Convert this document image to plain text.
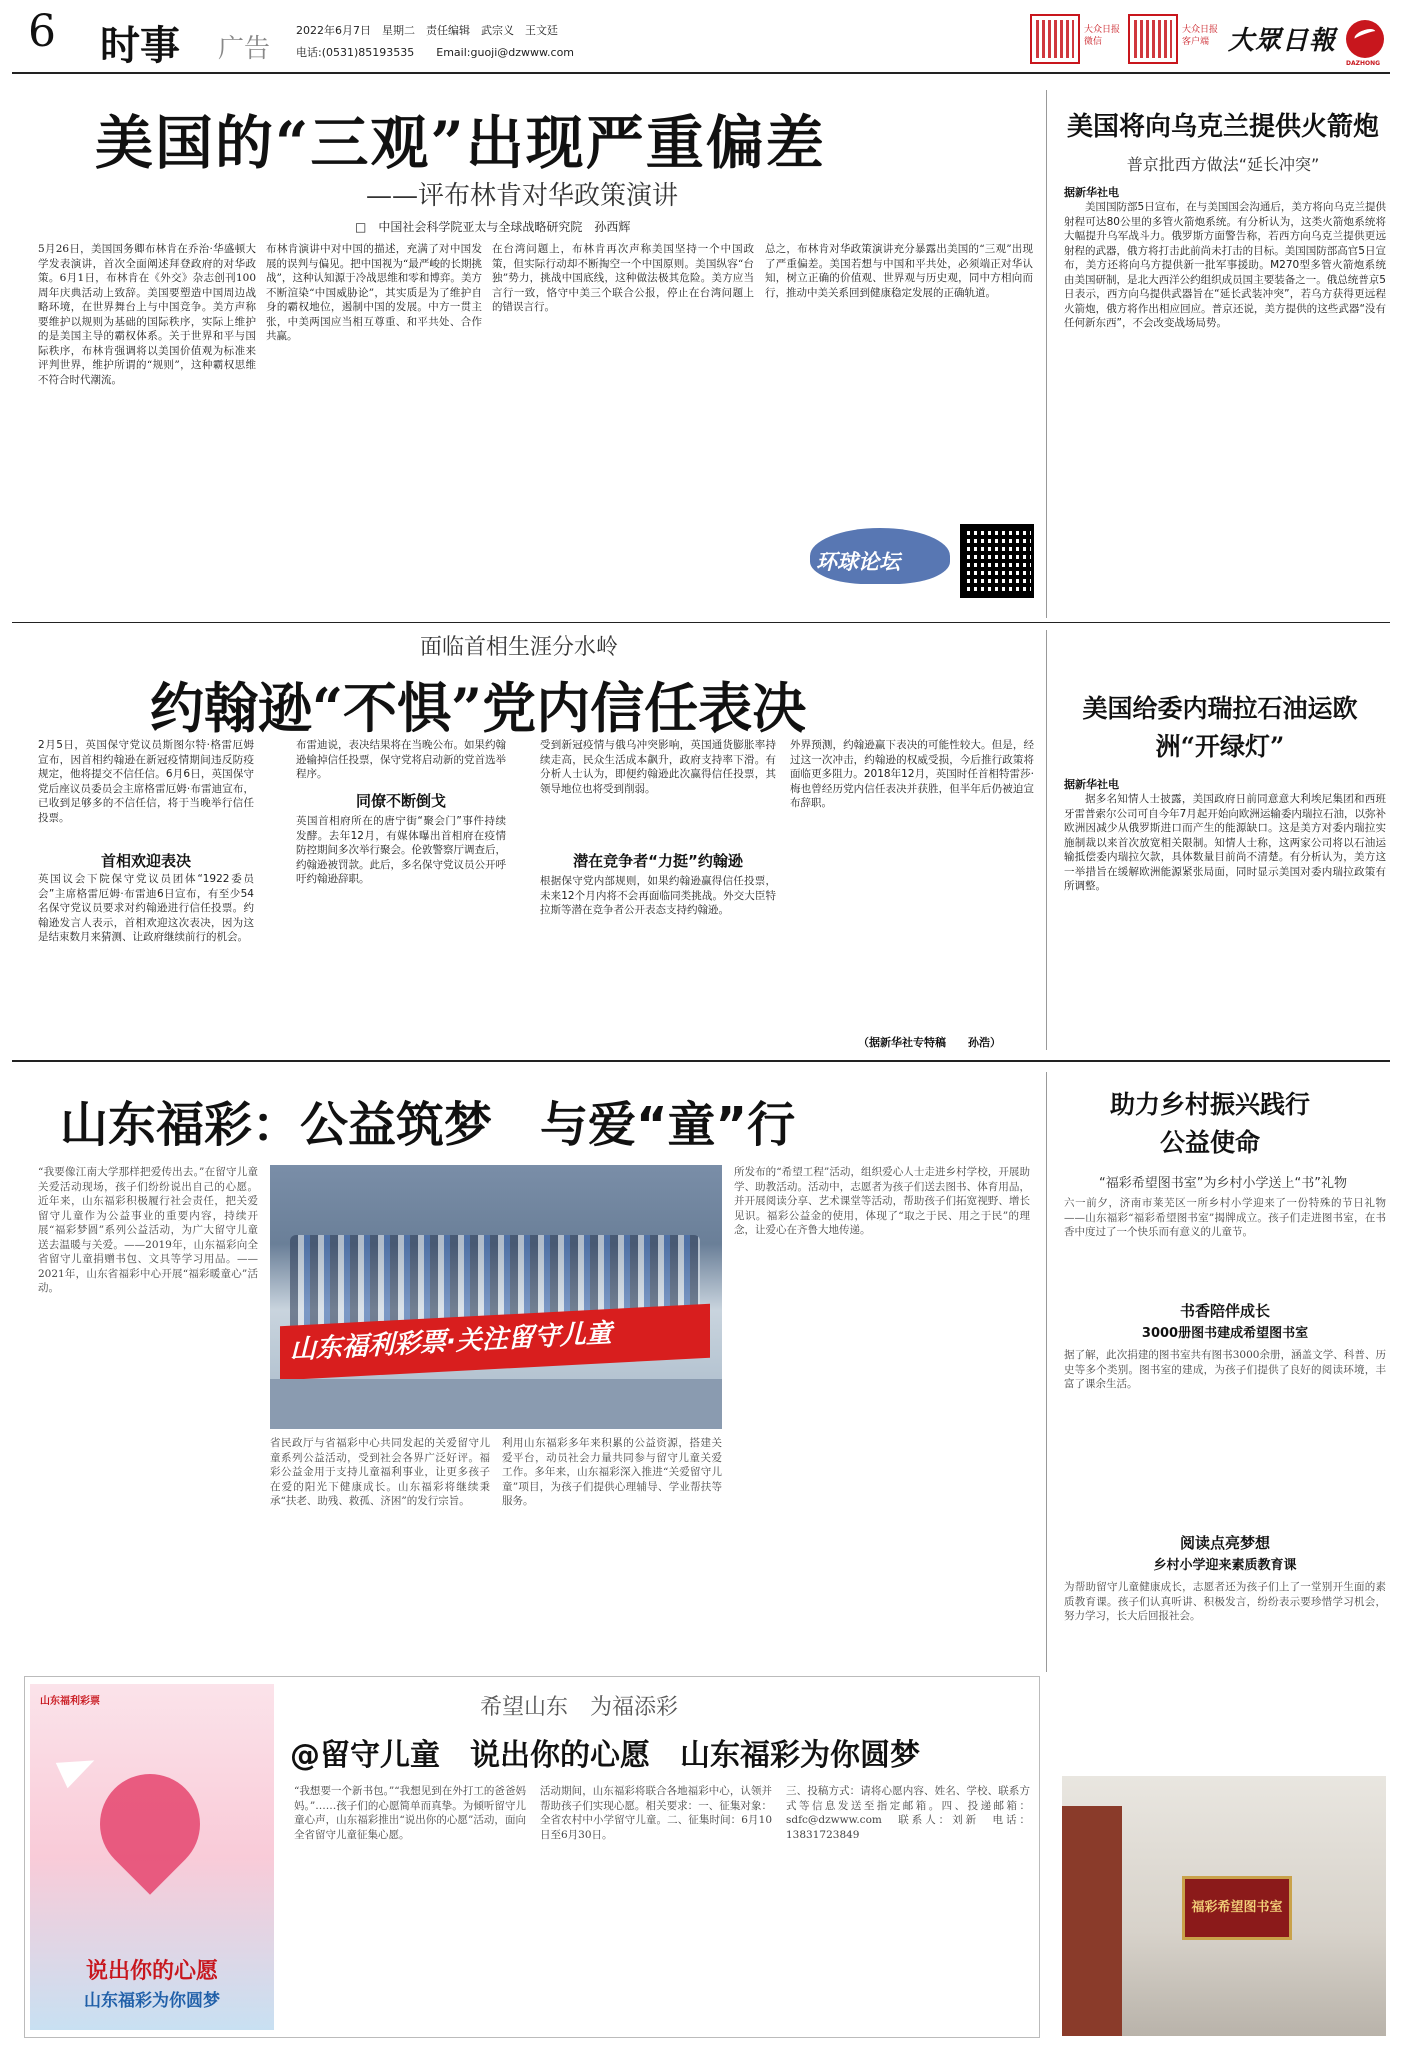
6 时事 广告
2022年6月7日　星期二　责任编辑　武宗义　王文廷
电话:(0531)85193535　　Email:guoji@dzwww.com
大众日报
微信
大众日报
客户端 大眾日報
DAZHONG
美国的“三观”出现严重偏差
——评布林肯对华政策演讲
□　中国社会科学院亚太与全球战略研究院　孙西辉
5月26日，美国国务卿布林肯在乔治·华盛顿大学发表演讲，首次全面阐述拜登政府的对华政策。6月1日，布林肯在《外交》杂志创刊100周年庆典活动上致辞。美国要塑造中国周边战略环境，在世界舞台上与中国竞争。美方声称要维护以规则为基础的国际秩序，实际上维护的是美国主导的霸权体系。关于世界和平与国际秩序，布林肯强调将以美国价值观为标准来评判世界，维护所谓的“规则”，这种霸权思维不符合时代潮流。
布林肯演讲中对中国的描述，充满了对中国发展的误判与偏见。把中国视为“最严峻的长期挑战”，这种认知源于冷战思维和零和博弈。美方不断渲染“中国威胁论”，其实质是为了维护自身的霸权地位，遏制中国的发展。中方一贯主张，中美两国应当相互尊重、和平共处、合作共赢。
在台湾问题上，布林肯再次声称美国坚持一个中国政策，但实际行动却不断掏空一个中国原则。美国纵容“台独”势力，挑战中国底线，这种做法极其危险。美方应当言行一致，恪守中美三个联合公报，停止在台湾问题上的错误言行。
总之，布林肯对华政策演讲充分暴露出美国的“三观”出现了严重偏差。美国若想与中国和平共处，必须端正对华认知，树立正确的价值观、世界观与历史观，同中方相向而行，推动中美关系回到健康稳定发展的正确轨道。
环球论坛
美国将向乌克兰提供火箭炮
普京批西方做法“延长冲突”
据新华社电
美国国防部5日宣布，在与美国国会沟通后，美方将向乌克兰提供射程可达80公里的多管火箭炮系统。有分析认为，这类火箭炮系统将大幅提升乌军战斗力。俄罗斯方面警告称，若西方向乌克兰提供更远射程的武器，俄方将打击此前尚未打击的目标。美国国防部高官5日宣布，美方还将向乌方提供新一批军事援助。M270型多管火箭炮系统由美国研制，是北大西洋公约组织成员国主要装备之一。俄总统普京5日表示，西方向乌提供武器旨在“延长武装冲突”，若乌方获得更远程火箭炮，俄方将作出相应回应。普京还说，美方提供的这些武器“没有任何新东西”，不会改变战场局势。
面临首相生涯分水岭
约翰逊“不惧”党内信任表决
2月5日，英国保守党议员斯图尔特·格雷厄姆宣布，因首相约翰逊在新冠疫情期间违反防疫规定，他将提交不信任信。6月6日，英国保守党后座议员委员会主席格雷厄姆·布雷迪宣布，已收到足够多的不信任信，将于当晚举行信任投票。
首相欢迎表决
英国议会下院保守党议员团体“1922委员会”主席格雷厄姆·布雷迪6日宣布，有至少54名保守党议员要求对约翰逊进行信任投票。约翰逊发言人表示，首相欢迎这次表决，因为这是结束数月来猜测、让政府继续前行的机会。
布雷迪说，表决结果将在当晚公布。如果约翰逊输掉信任投票，保守党将启动新的党首选举程序。
同僚不断倒戈
英国首相府所在的唐宁街“聚会门”事件持续发酵。去年12月，有媒体曝出首相府在疫情防控期间多次举行聚会。伦敦警察厅调查后，约翰逊被罚款。此后，多名保守党议员公开呼吁约翰逊辞职。
受到新冠疫情与俄乌冲突影响，英国通货膨胀率持续走高，民众生活成本飙升，政府支持率下滑。有分析人士认为，即便约翰逊此次赢得信任投票，其领导地位也将受到削弱。
潜在竞争者“力挺”约翰逊
根据保守党内部规则，如果约翰逊赢得信任投票，未来12个月内将不会再面临同类挑战。外交大臣特拉斯等潜在竞争者公开表态支持约翰逊。
外界预测，约翰逊赢下表决的可能性较大。但是，经过这一次冲击，约翰逊的权威受损，今后推行政策将面临更多阻力。2018年12月，英国时任首相特雷莎·梅也曾经历党内信任表决并获胜，但半年后仍被迫宣布辞职。
（据新华社专特稿　　孙浩）
美国给委内瑞拉石油运欧洲“开绿灯”
据新华社电
据多名知情人士披露，美国政府日前同意意大利埃尼集团和西班牙雷普索尔公司可自今年7月起开始向欧洲运输委内瑞拉石油，以弥补欧洲因减少从俄罗斯进口而产生的能源缺口。这是美方对委内瑞拉实施制裁以来首次放宽相关限制。知情人士称，这两家公司将以石油运输抵偿委内瑞拉欠款，具体数量目前尚不清楚。有分析认为，美方这一举措旨在缓解欧洲能源紧张局面，同时显示美国对委内瑞拉政策有所调整。
山东福彩：公益筑梦　与爱“童”行
“我要像江南大学那样把爱传出去。”在留守儿童关爱活动现场，孩子们纷纷说出自己的心愿。近年来，山东福彩积极履行社会责任，把关爱留守儿童作为公益事业的重要内容，持续开展“福彩梦圆”系列公益活动，为广大留守儿童送去温暖与关爱。——2019年，山东福彩向全省留守儿童捐赠书包、文具等学习用品。——2021年，山东省福彩中心开展“福彩暖童心”活动。
山东福利彩票·关注留守儿童
省民政厅与省福彩中心共同发起的关爱留守儿童系列公益活动，受到社会各界广泛好评。福彩公益金用于支持儿童福利事业，让更多孩子在爱的阳光下健康成长。山东福彩将继续秉承“扶老、助残、救孤、济困”的发行宗旨。
利用山东福彩多年来积累的公益资源，搭建关爱平台，动员社会力量共同参与留守儿童关爱工作。多年来，山东福彩深入推进“关爱留守儿童”项目，为孩子们提供心理辅导、学业帮扶等服务。
所发布的“希望工程”活动，组织爱心人士走进乡村学校，开展助学、助教活动。活动中，志愿者为孩子们送去图书、体育用品，并开展阅读分享、艺术课堂等活动，帮助孩子们拓宽视野、增长见识。福彩公益金的使用，体现了“取之于民、用之于民”的理念，让爱心在齐鲁大地传递。
助力乡村振兴践行公益使命
“福彩希望图书室”为乡村小学送上“书”礼物
六一前夕，济南市莱芜区一所乡村小学迎来了一份特殊的节日礼物——山东福彩“福彩希望图书室”揭牌成立。孩子们走进图书室，在书香中度过了一个快乐而有意义的儿童节。
书香陪伴成长
3000册图书建成希望图书室
据了解，此次捐建的图书室共有图书3000余册，涵盖文学、科普、历史等多个类别。图书室的建成，为孩子们提供了良好的阅读环境，丰富了课余生活。
阅读点亮梦想
乡村小学迎来素质教育课
为帮助留守儿童健康成长，志愿者还为孩子们上了一堂别开生面的素质教育课。孩子们认真听讲、积极发言，纷纷表示要珍惜学习机会，努力学习，长大后回报社会。
福彩希望图书室
山东福利彩票
说出你的心愿
山东福彩为你圆梦
希望山东　为福添彩
@留守儿童　说出你的心愿　山东福彩为你圆梦
“我想要一个新书包。”“我想见到在外打工的爸爸妈妈。”……孩子们的心愿简单而真挚。为倾听留守儿童心声，山东福彩推出“说出你的心愿”活动，面向全省留守儿童征集心愿。
活动期间，山东福彩将联合各地福彩中心，认领并帮助孩子们实现心愿。相关要求：一、征集对象：全省农村中小学留守儿童。二、征集时间：6月10日至6月30日。
三、投稿方式：请将心愿内容、姓名、学校、联系方式等信息发送至指定邮箱。四、投递邮箱：sdfc@dzwww.com　联系人：刘新　电话：13831723849
